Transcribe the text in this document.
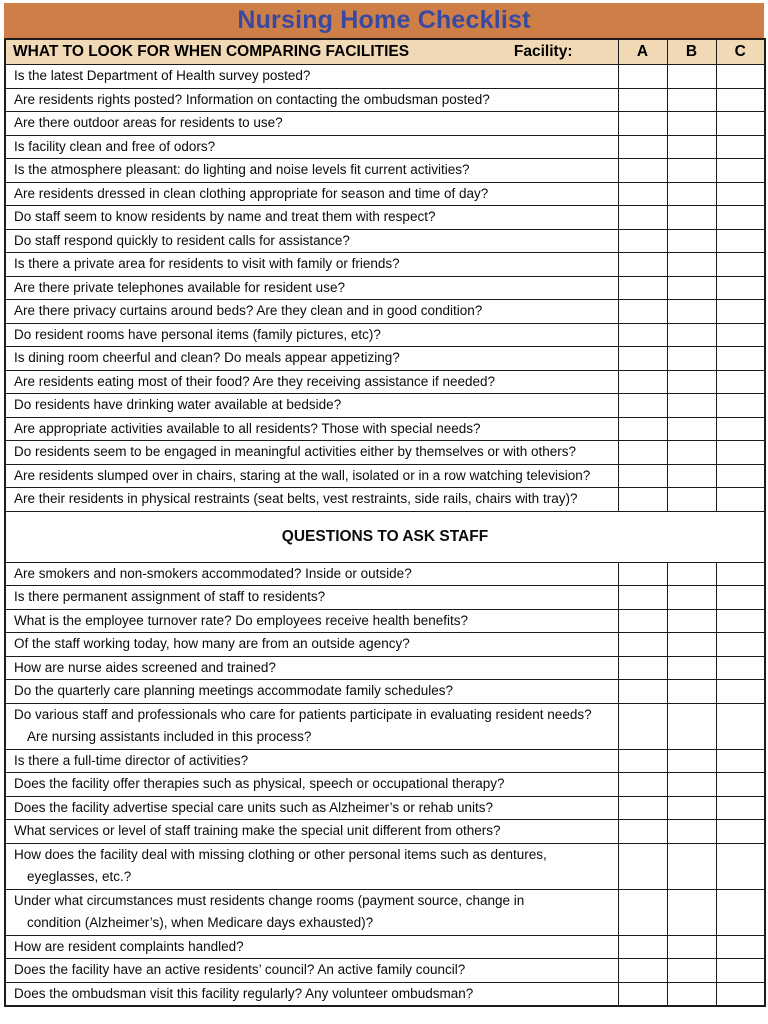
Nursing Home Checklist
WHAT TO LOOK FOR WHEN COMPARING FACILITIES Facility:	A	B	C

Is the latest Department of Health survey posted?			

Are residents rights posted? Information on contacting the ombudsman posted?			

Are there outdoor areas for residents to use?			

Is facility clean and free of odors?			

Is the atmosphere pleasant: do lighting and noise levels fit current activities?			

Are residents dressed in clean clothing appropriate for season and time of day?			

Do staff seem to know residents by name and treat them with respect?			

Do staff respond quickly to resident calls for assistance?			

Is there a private area for residents to visit with family or friends?			

Are there private telephones available for resident use?			

Are there privacy curtains around beds? Are they clean and in good condition?			

Do resident rooms have personal items (family pictures, etc)?			

Is dining room cheerful and clean? Do meals appear appetizing?			

Are residents eating most of their food? Are they receiving assistance if needed?			

Do residents have drinking water available at bedside?			

Are appropriate activities available to all residents? Those with special needs?			

Do residents seem to be engaged in meaningful activities either by themselves or with others?			

Are residents slumped over in chairs, staring at the wall, isolated or in a row watching television?			

Are their residents in physical restraints (seat belts, vest restraints, side rails, chairs with tray)?			

QUESTIONS TO ASK STAFF			

Are smokers and non-smokers accommodated? Inside or outside?			

Is there permanent assignment of staff to residents?			

What is the employee turnover rate? Do employees receive health benefits?			

Of the staff working today, how many are from an outside agency?			

How are nurse aides screened and trained?			

Do the quarterly care planning meetings accommodate family schedules?			

Do various staff and professionals who care for patients participate in evaluating resident needs?
Are nursing assistants included in this process?			

Is there a full-time director of activities?			

Does the facility offer therapies such as physical, speech or occupational therapy?			

Does the facility advertise special care units such as Alzheimer’s or rehab units?			

What services or level of staff training make the special unit different from others?			

How does the facility deal with missing clothing or other personal items such as dentures,
eyeglasses, etc.?			

Under what circumstances must residents change rooms (payment source, change in
condition (Alzheimer’s), when Medicare days exhausted)?			

How are resident complaints handled?			

Does the facility have an active residents’ council? An active family council?			

Does the ombudsman visit this facility regularly? Any volunteer ombudsman?			
